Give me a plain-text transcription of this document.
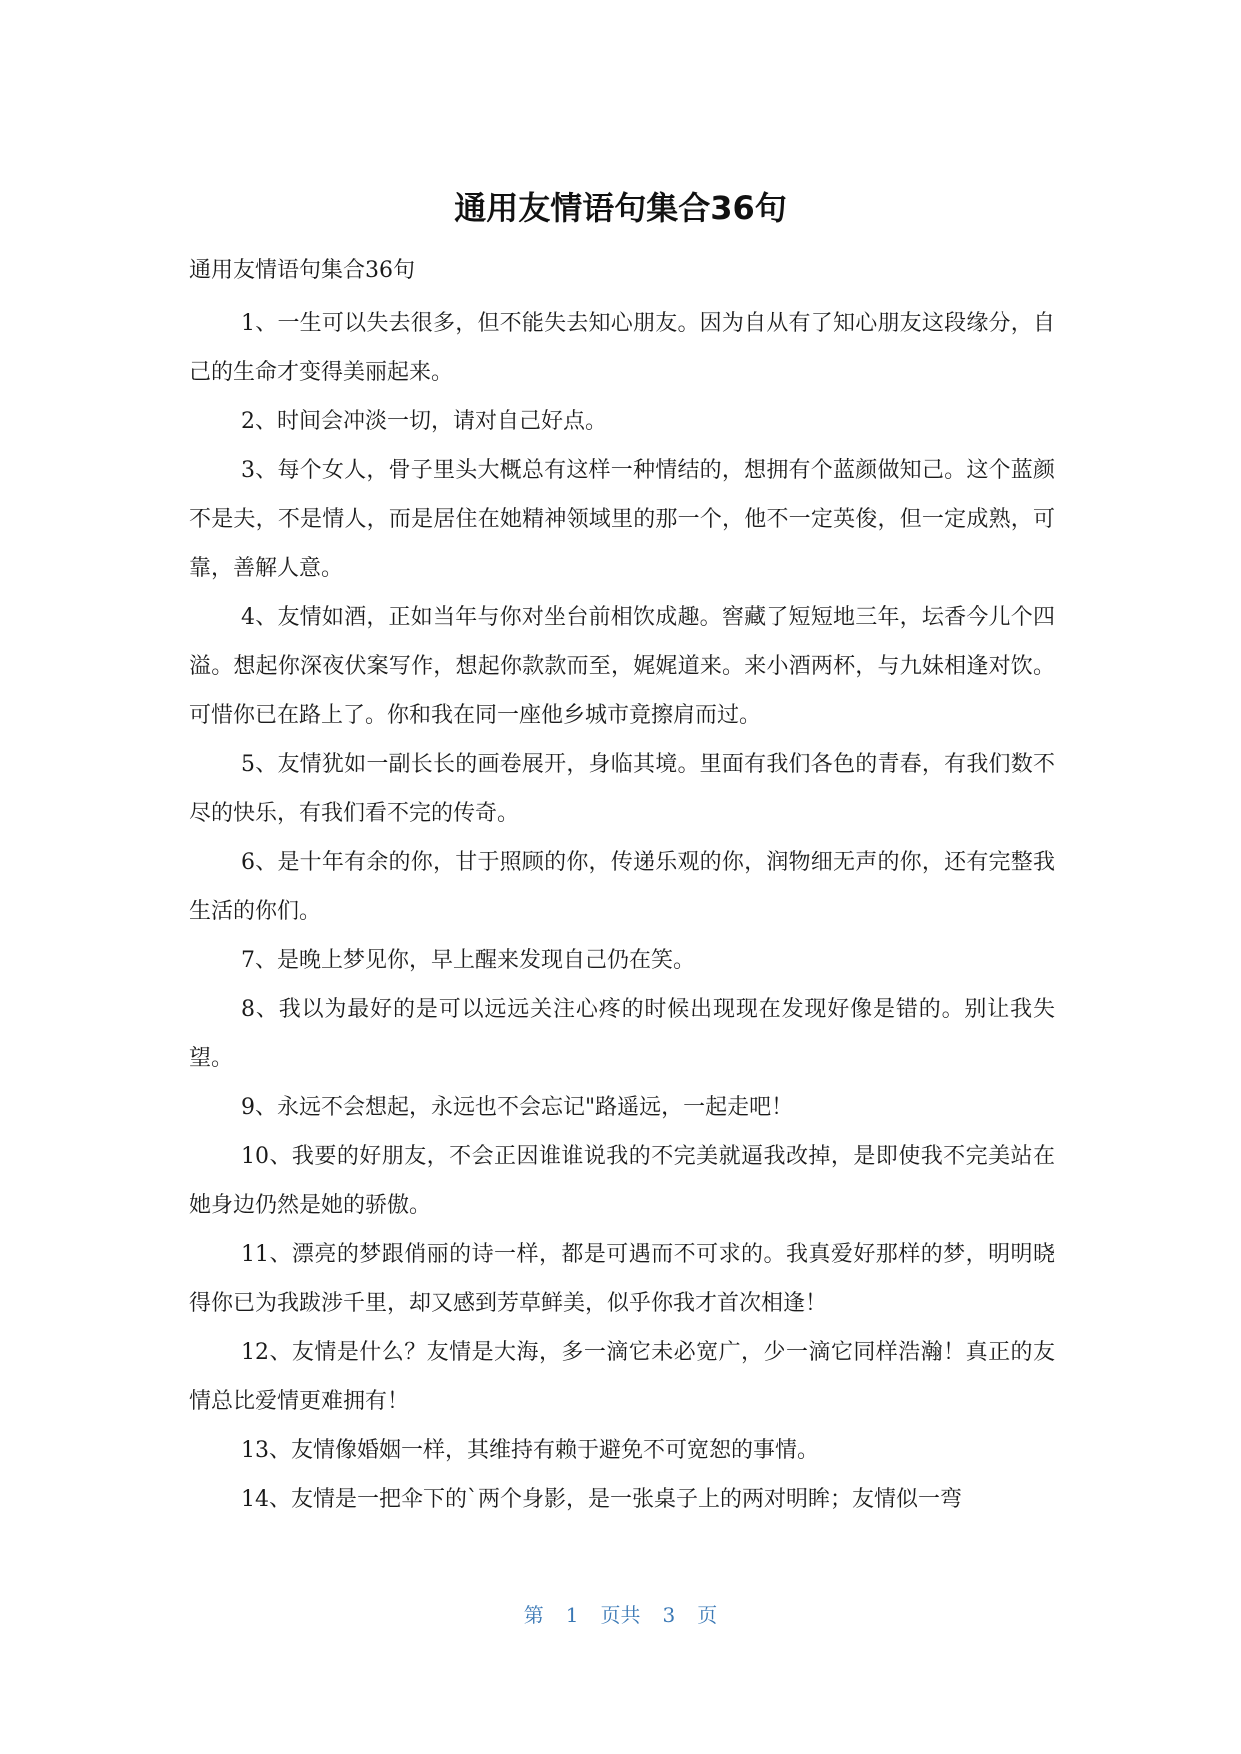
通用友情语句集合36句

通用友情语句集合36句

1、一生可以失去很多，但不能失去知心朋友。因为自从有了知心朋友这段缘分，自己的生命才变得美丽起来。

2、时间会冲淡一切，请对自己好点。

3、每个女人，骨子里头大概总有这样一种情结的，想拥有个蓝颜做知己。这个蓝颜不是夫，不是情人，而是居住在她精神领域里的那一个，他不一定英俊，但一定成熟，可靠，善解人意。

4、友情如酒，正如当年与你对坐台前相饮成趣。窖藏了短短地三年，坛香今儿个四溢。想起你深夜伏案写作，想起你款款而至，娓娓道来。来小酒两杯，与九妹相逢对饮。可惜你已在路上了。你和我在同一座他乡城市竟擦肩而过。

5、友情犹如一副长长的画卷展开，身临其境。里面有我们各色的青春，有我们数不尽的快乐，有我们看不完的传奇。

6、是十年有余的你，甘于照顾的你，传递乐观的你，润物细无声的你，还有完整我生活的你们。

7、是晚上梦见你，早上醒来发现自己仍在笑。

8、我以为最好的是可以远远关注心疼的时候出现现在发现好像是错的。别让我失望。

9、永远不会想起，永远也不会忘记"路遥远，一起走吧！

10、我要的好朋友，不会正因谁谁说我的不完美就逼我改掉，是即使我不完美站在她身边仍然是她的骄傲。

11、漂亮的梦跟俏丽的诗一样，都是可遇而不可求的。我真爱好那样的梦，明明晓得你已为我跋涉千里，却又感到芳草鲜美，似乎你我才首次相逢！

12、友情是什么？友情是大海，多一滴它未必宽广，少一滴它同样浩瀚！真正的友情总比爱情更难拥有！

13、友情像婚姻一样，其维持有赖于避免不可宽恕的事情。

14、友情是一把伞下的`两个身影，是一张桌子上的两对明眸；友情似一弯

第 1 页共 3 页
